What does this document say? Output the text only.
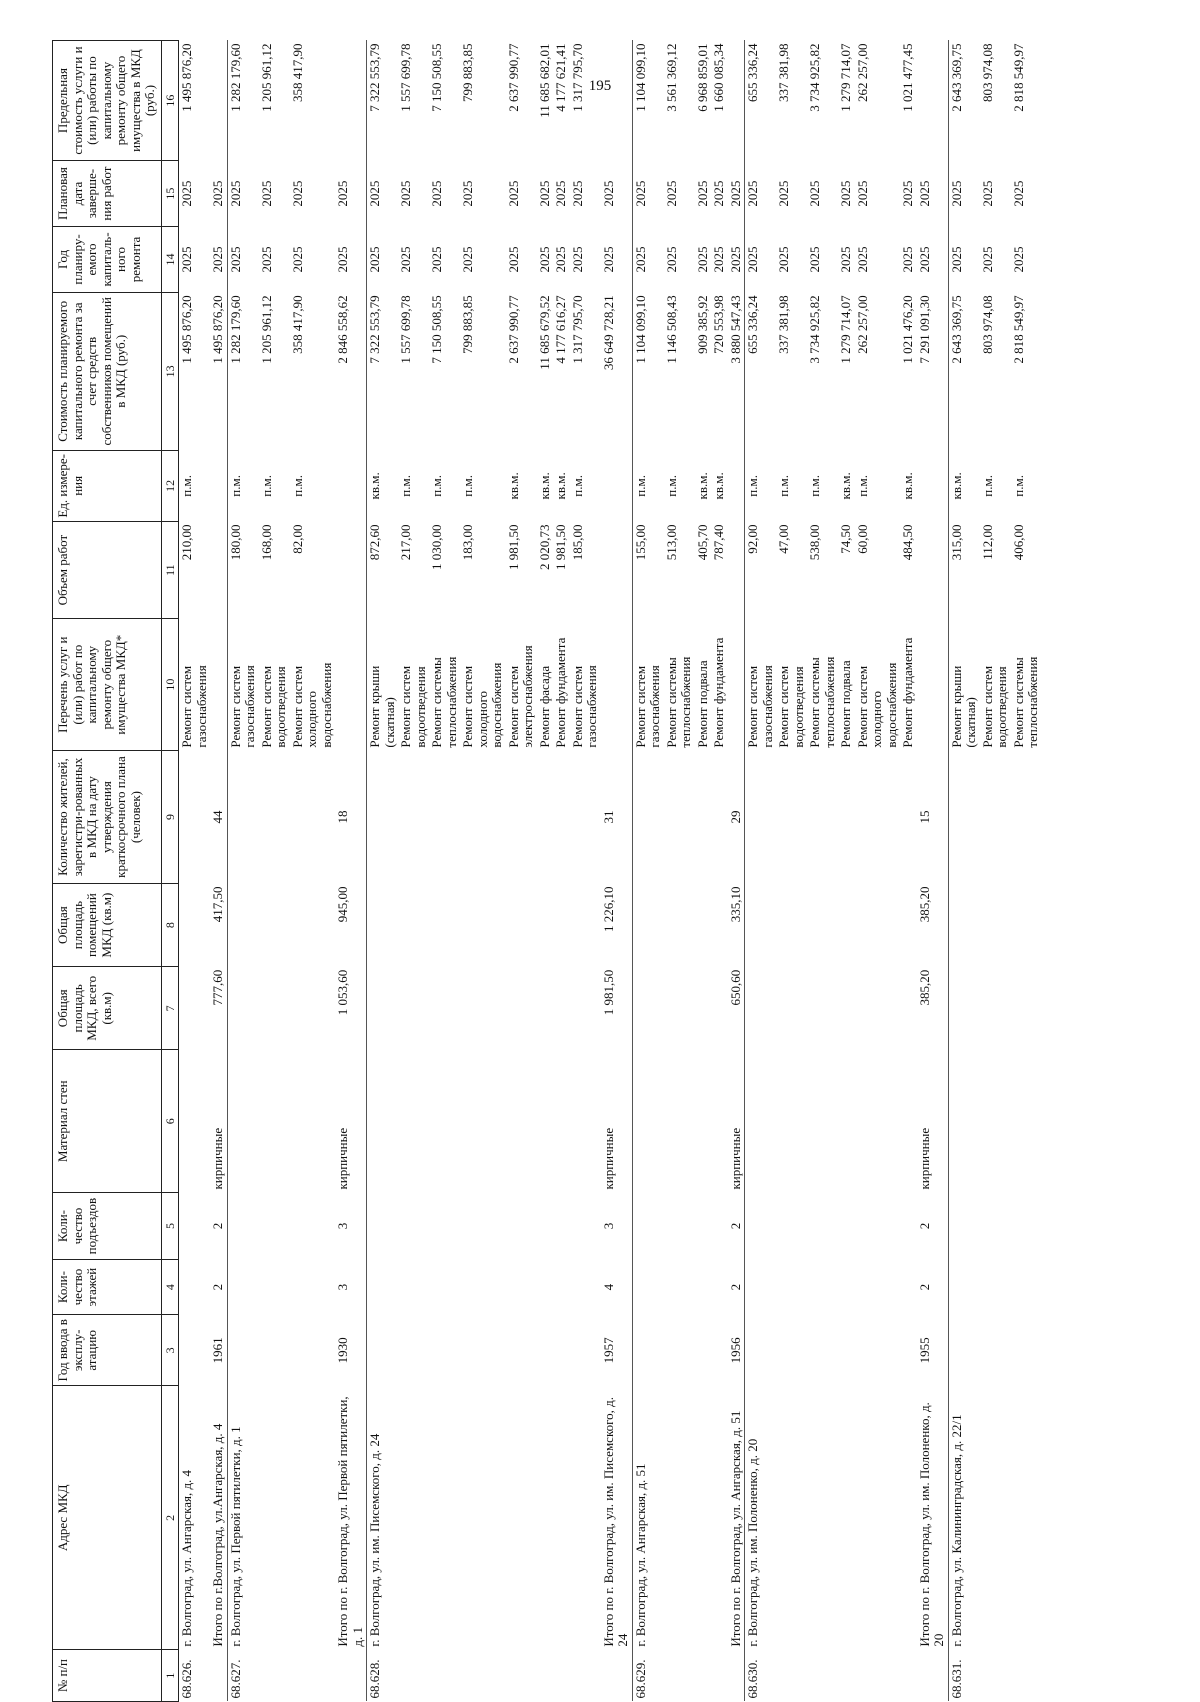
195
№ п/п	Адрес МКД	Год ввода в эксплу-атацию	Коли-чество этажей	Коли-чество подъездов	Материал стен	Общая площадь МКД, всего (кв.м)	Общая площадь помещений МКД (кв.м)	Количество жителей, зарегистри-рованных в МКД на дату утверждения краткосрочного плана (человек)	Перечень услуг и (или) работ по капитальному ремонту общего имущества МКД*	Объем работ	Ед. измере-ния	Стоимость планируемого капитального ремонта за счет средств собственников помещений в МКД (руб.)	Год планиру-емого капиталь-ного ремонта	Плановая дата заверше-ния работ	Предельная стоимость услуги и (или) работы по капитальному ремонту общего имущества в МКД (руб.)
1	2	3	4	5	6	7	8	9	10	11	12	13	14	15	16
68.626.	г. Волгоград, ул. Ангарская, д. 4								Ремонт систем газоснабжения	210,00	п.м.	1 495 876,20	2025	2025	1 495 876,20
	Итого по г.Волгоград, ул.Ангарская, д. 4	1961	2	2	кирпичные	777,60	417,50	44				1 495 876,20	2025	2025	
68.627.	г. Волгоград, ул. Первой пятилетки, д. 1								Ремонт систем газоснабжения	180,00	п.м.	1 282 179,60	2025	2025	1 282 179,60
									Ремонт систем водоотведения	168,00	п.м.	1 205 961,12	2025	2025	1 205 961,12
									Ремонт систем холодного водоснабжения	82,00	п.м.	358 417,90	2025	2025	358 417,90
	Итого по г. Волгоград, ул. Первой пятилетки, д. 1	1930	3	3	кирпичные	1 053,60	945,00	18				2 846 558,62	2025	2025	
68.628.	г. Волгоград, ул. им. Писемского, д. 24								Ремонт крыши (скатная)	872,60	кв.м.	7 322 553,79	2025	2025	7 322 553,79
									Ремонт систем водоотведения	217,00	п.м.	1 557 699,78	2025	2025	1 557 699,78
									Ремонт системы теплоснабжения	1 030,00	п.м.	7 150 508,55	2025	2025	7 150 508,55
									Ремонт систем холодного водоснабжения	183,00	п.м.	799 883,85	2025	2025	799 883,85
									Ремонт систем электроснабжения	1 981,50	кв.м.	2 637 990,77	2025	2025	2 637 990,77
									Ремонт фасада	2 020,73	кв.м.	11 685 679,52	2025	2025	11 685 682,01
									Ремонт фундамента	1 981,50	кв.м.	4 177 616,27	2025	2025	4 177 621,41
									Ремонт систем газоснабжения	185,00	п.м.	1 317 795,70	2025	2025	1 317 795,70
	Итого по г. Волгоград, ул. им. Писемского, д. 24	1957	4	3	кирпичные	1 981,50	1 226,10	31				36 649 728,21	2025	2025	
68.629.	г. Волгоград, ул. Ангарская, д. 51								Ремонт систем газоснабжения	155,00	п.м.	1 104 099,10	2025	2025	1 104 099,10
									Ремонт системы теплоснабжения	513,00	п.м.	1 146 508,43	2025	2025	3 561 369,12
									Ремонт подвала	405,70	кв.м.	909 385,92	2025	2025	6 968 859,01
									Ремонт фундамента	787,40	кв.м.	720 553,98	2025	2025	1 660 085,34
	Итого по г. Волгоград, ул. Ангарская, д. 51	1956	2	2	кирпичные	650,60	335,10	29				3 880 547,43	2025	2025	
68.630.	г. Волгоград, ул. им. Полоненко, д. 20								Ремонт систем газоснабжения	92,00	п.м.	655 336,24	2025	2025	655 336,24
									Ремонт систем водоотведения	47,00	п.м.	337 381,98	2025	2025	337 381,98
									Ремонт системы теплоснабжения	538,00	п.м.	3 734 925,82	2025	2025	3 734 925,82
									Ремонт подвала	74,50	кв.м.	1 279 714,07	2025	2025	1 279 714,07
									Ремонт систем холодного водоснабжения	60,00	п.м.	262 257,00	2025	2025	262 257,00
									Ремонт фундамента	484,50	кв.м.	1 021 476,20	2025	2025	1 021 477,45
	Итого по г. Волгоград, ул. им. Полоненко, д. 20	1955	2	2	кирпичные	385,20	385,20	15				7 291 091,30	2025	2025	
68.631.	г. Волгоград, ул. Калининградская, д. 22/1								Ремонт крыши (скатная)	315,00	кв.м.	2 643 369,75	2025	2025	2 643 369,75
									Ремонт систем водоотведения	112,00	п.м.	803 974,08	2025	2025	803 974,08
									Ремонт системы теплоснабжения	406,00	п.м.	2 818 549,97	2025	2025	2 818 549,97
